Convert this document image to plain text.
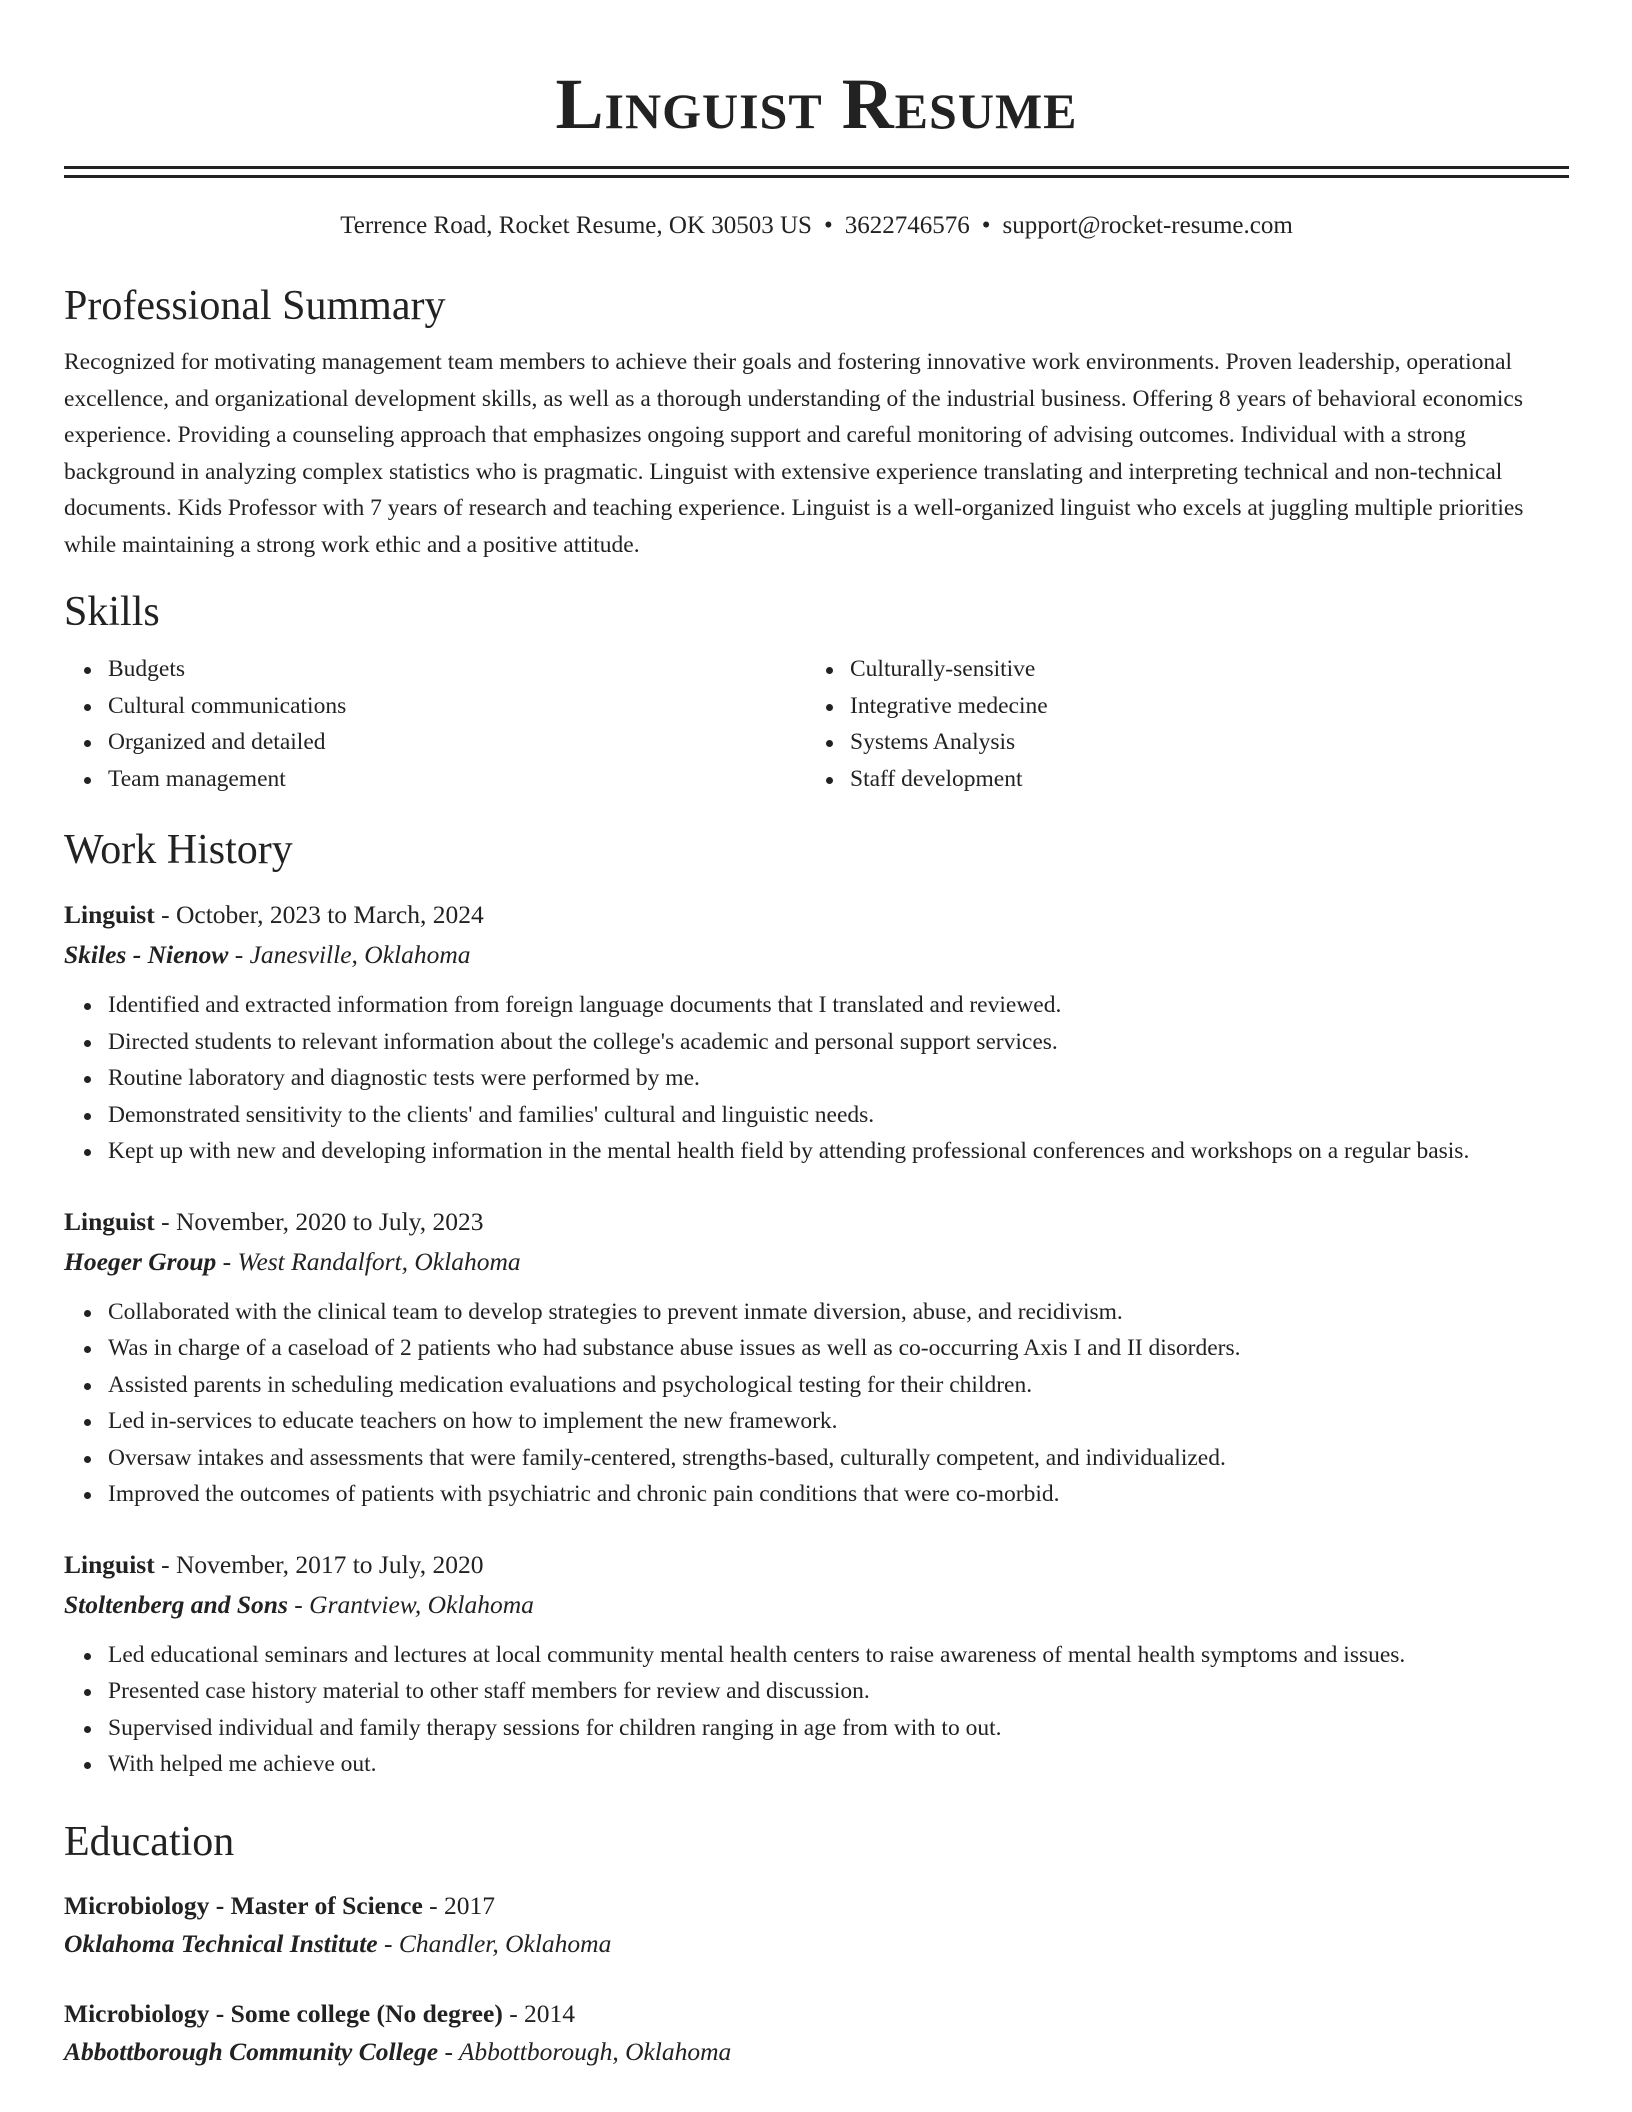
Linguist Resume
Terrence Road, Rocket Resume, OK 30503 US • 3622746576 • support@rocket-resume.com
Professional Summary

Recognized for motivating management team members to achieve their goals and fostering innovative work environments. Proven leadership, operational excellence, and organizational development skills, as well as a thorough understanding of the industrial business. Offering 8 years of behavioral economics experience. Providing a counseling approach that emphasizes ongoing support and careful monitoring of advising outcomes. Individual with a strong background in analyzing complex statistics who is pragmatic. Linguist with extensive experience translating and interpreting technical and non-technical documents. Kids Professor with 7 years of research and teaching experience. Linguist is a well-organized linguist who excels at juggling multiple priorities while maintaining a strong work ethic and a positive attitude.

Skills
Budgets
Cultural communications
Organized and detailed
Team management
Culturally-sensitive
Integrative medecine
Systems Analysis
Staff development
Work History
Linguist - October, 2023 to March, 2024
Skiles - Nienow - Janesville, Oklahoma
Identified and extracted information from foreign language documents that I translated and reviewed.
Directed students to relevant information about the college's academic and personal support services.
Routine laboratory and diagnostic tests were performed by me.
Demonstrated sensitivity to the clients' and families' cultural and linguistic needs.
Kept up with new and developing information in the mental health field by attending professional conferences and workshops on a regular basis.
Linguist - November, 2020 to July, 2023
Hoeger Group - West Randalfort, Oklahoma
Collaborated with the clinical team to develop strategies to prevent inmate diversion, abuse, and recidivism.
Was in charge of a caseload of 2 patients who had substance abuse issues as well as co-occurring Axis I and II disorders.
Assisted parents in scheduling medication evaluations and psychological testing for their children.
Led in-services to educate teachers on how to implement the new framework.
Oversaw intakes and assessments that were family-centered, strengths-based, culturally competent, and individualized.
Improved the outcomes of patients with psychiatric and chronic pain conditions that were co-morbid.
Linguist - November, 2017 to July, 2020
Stoltenberg and Sons - Grantview, Oklahoma
Led educational seminars and lectures at local community mental health centers to raise awareness of mental health symptoms and issues.
Presented case history material to other staff members for review and discussion.
Supervised individual and family therapy sessions for children ranging in age from with to out.
With helped me achieve out.
Education
Microbiology - Master of Science - 2017
Oklahoma Technical Institute - Chandler, Oklahoma
Microbiology - Some college (No degree) - 2014
Abbottborough Community College - Abbottborough, Oklahoma
